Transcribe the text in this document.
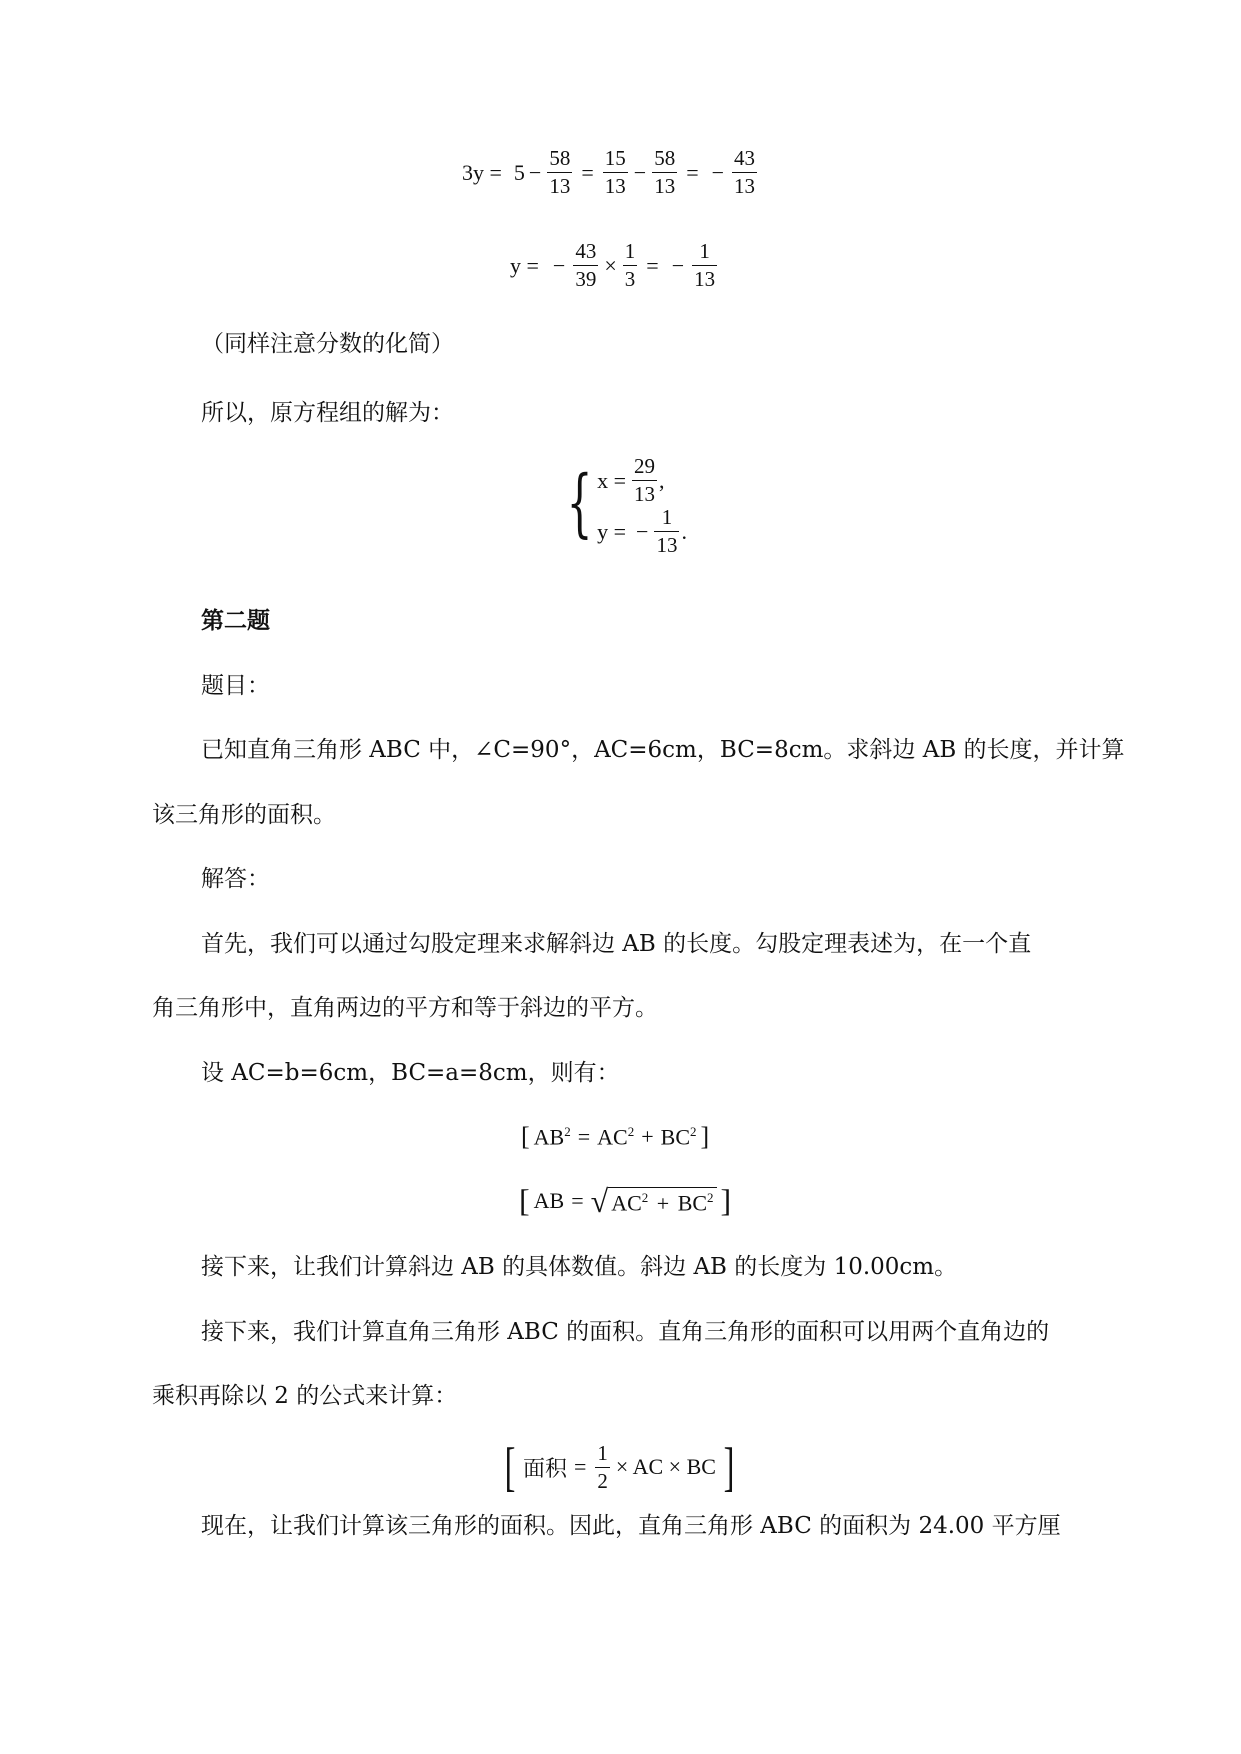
$3y = 5 - \frac{58}{13} = \frac{15}{13} - \frac{58}{13}$ = − $\frac{43}{13}$
y = − $\frac{43}{39} \times \frac{1}{3}$ = − $\frac{1}{13}$
（同样注意分数的化简）
所以，原方程组的解为：
{ $x = \frac{29}{13}$ ,
y = − $\frac{1}{13}$ .
第二题
题目：
已知直角三角形 ABC 中，∠C=90°，AC=6cm，BC=8cm。求斜边 AB 的长度，并计算
该三角形的面积。
解答：
首先，我们可以通过勾股定理来求解斜边 AB 的长度。勾股定理表述为，在一个直
角三角形中，直角两边的平方和等于斜边的平方。
设 AC=b=6cm，BC=a=8cm，则有：
[ $AB^2 = AC^2 + BC^2$ ]
[ AB = √ $AC^2 + BC^2$ ]
接下来，让我们计算斜边 AB 的具体数值。斜边 AB 的长度为 10.00cm。
接下来，我们计算直角三角形 ABC 的面积。直角三角形的面积可以用两个直角边的
乘积再除以 2 的公式来计算：
[ 面积 = $\frac{1}{2}$ × AC × BC ]
现在，让我们计算该三角形的面积。因此，直角三角形 ABC 的面积为 24.00 平方厘
